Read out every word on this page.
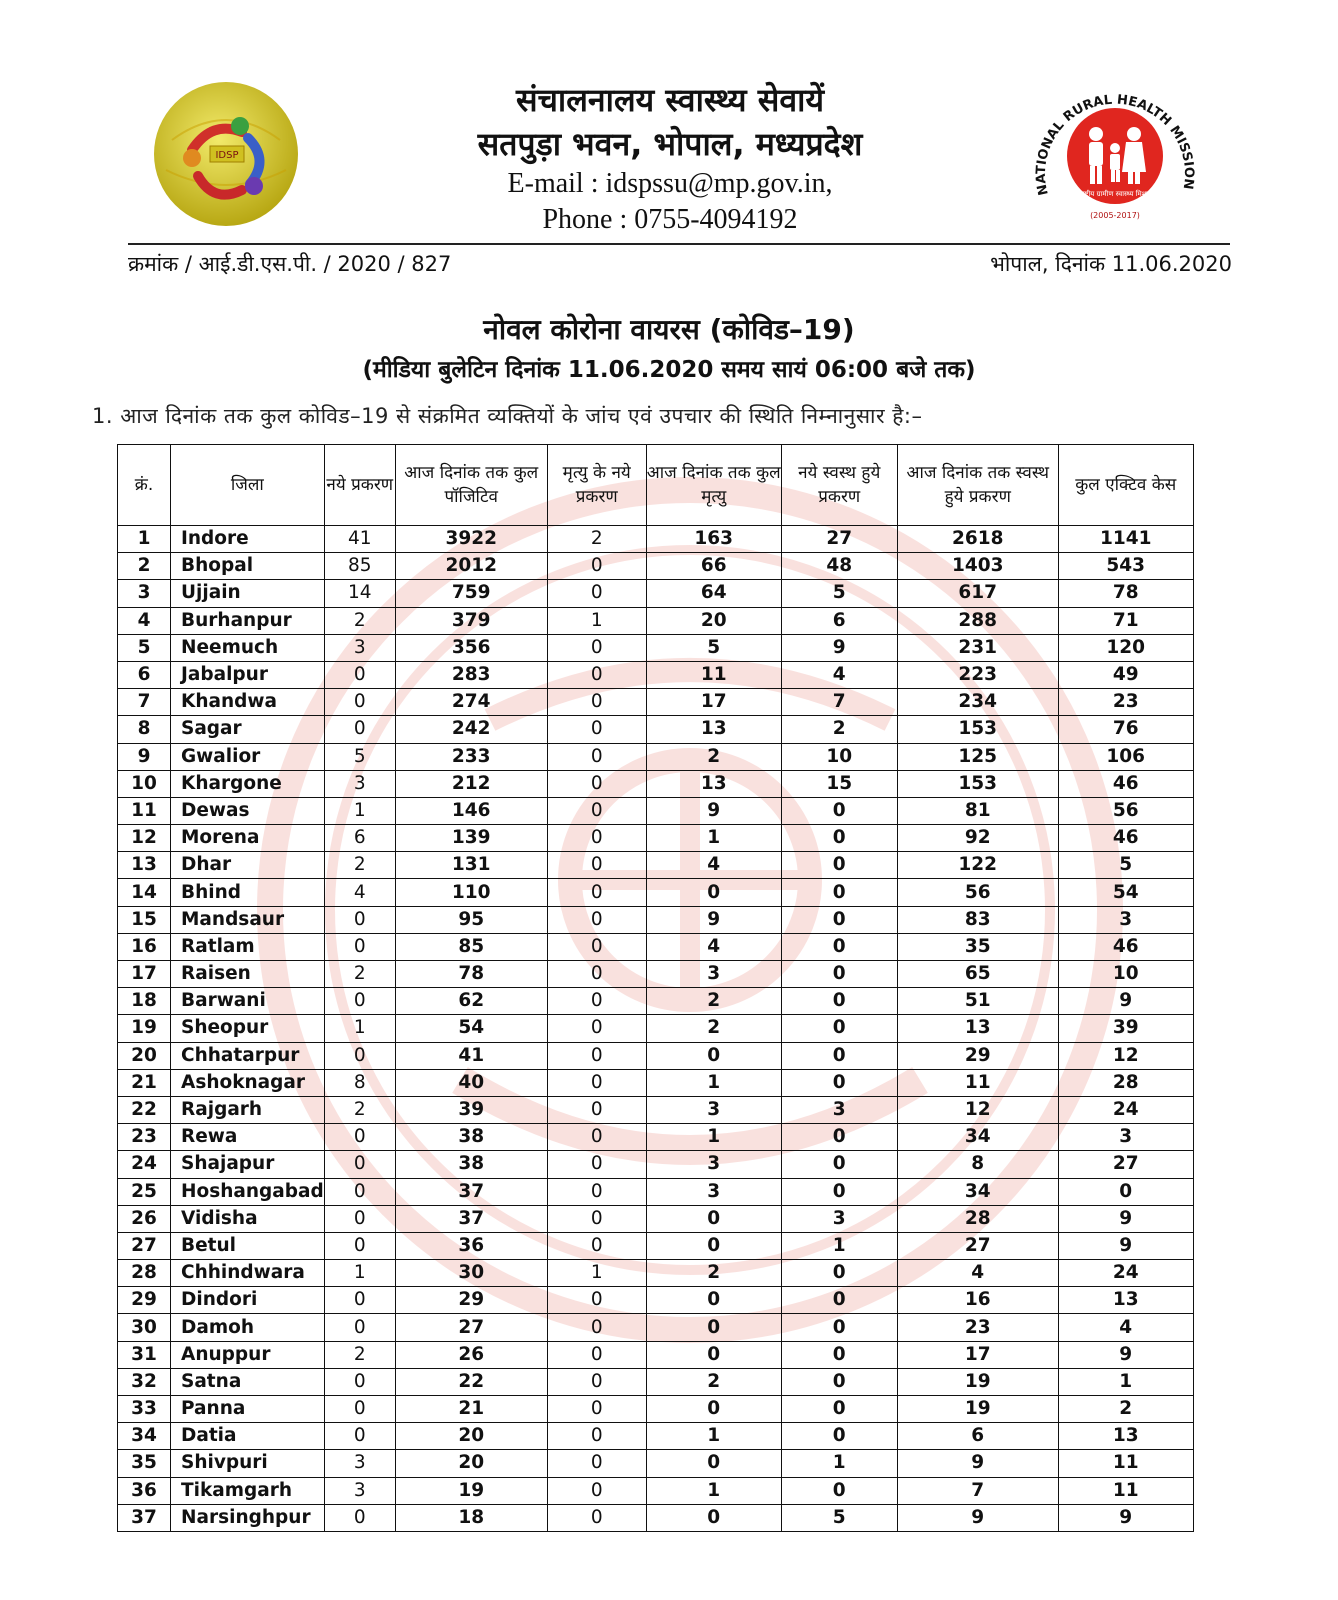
IDSP
NATIONAL RURAL HEALTH MISSION
राष्ट्रीय ग्रामीण स्वास्थ्य मिशन
(2005-2017)
संचालनालय स्वास्थ्य सेवायें
सतपुड़ा भवन, भोपाल, मध्यप्रदेश
E-mail : idspssu@mp.gov.in,
Phone : 0755-4094192
क्रमांक / आई.डी.एस.पी. / 2020 / 827	भोपाल, दिनांक 11.06.2020
नोवल कोरोना वायरस (कोविड–19)
(मीडिया बुलेटिन दिनांक 11.06.2020 समय सायं 06:00 बजे तक)
1. आज दिनांक तक कुल कोविड–19 से संक्रमित व्यक्तियों के जांच एवं उपचार की स्थिति निम्नानुसार है:–
क्रं.	जिला	नये प्रकरण	आज दिनांक तक कुल पॉजिटिव	मृत्यु के नये प्रकरण	आज दिनांक तक कुल मृत्यु	नये स्वस्थ हुये प्रकरण	आज दिनांक तक स्वस्थ हुये प्रकरण	कुल एक्टिव केस
1	Indore	41	3922	2	163	27	2618	1141
2	Bhopal	85	2012	0	66	48	1403	543
3	Ujjain	14	759	0	64	5	617	78
4	Burhanpur	2	379	1	20	6	288	71
5	Neemuch	3	356	0	5	9	231	120
6	Jabalpur	0	283	0	11	4	223	49
7	Khandwa	0	274	0	17	7	234	23
8	Sagar	0	242	0	13	2	153	76
9	Gwalior	5	233	0	2	10	125	106
10	Khargone	3	212	0	13	15	153	46
11	Dewas	1	146	0	9	0	81	56
12	Morena	6	139	0	1	0	92	46
13	Dhar	2	131	0	4	0	122	5
14	Bhind	4	110	0	0	0	56	54
15	Mandsaur	0	95	0	9	0	83	3
16	Ratlam	0	85	0	4	0	35	46
17	Raisen	2	78	0	3	0	65	10
18	Barwani	0	62	0	2	0	51	9
19	Sheopur	1	54	0	2	0	13	39
20	Chhatarpur	0	41	0	0	0	29	12
21	Ashoknagar	8	40	0	1	0	11	28
22	Rajgarh	2	39	0	3	3	12	24
23	Rewa	0	38	0	1	0	34	3
24	Shajapur	0	38	0	3	0	8	27
25	Hoshangabad	0	37	0	3	0	34	0
26	Vidisha	0	37	0	0	3	28	9
27	Betul	0	36	0	0	1	27	9
28	Chhindwara	1	30	1	2	0	4	24
29	Dindori	0	29	0	0	0	16	13
30	Damoh	0	27	0	0	0	23	4
31	Anuppur	2	26	0	0	0	17	9
32	Satna	0	22	0	2	0	19	1
33	Panna	0	21	0	0	0	19	2
34	Datia	0	20	0	1	0	6	13
35	Shivpuri	3	20	0	0	1	9	11
36	Tikamgarh	3	19	0	1	0	7	11
37	Narsinghpur	0	18	0	0	5	9	9
